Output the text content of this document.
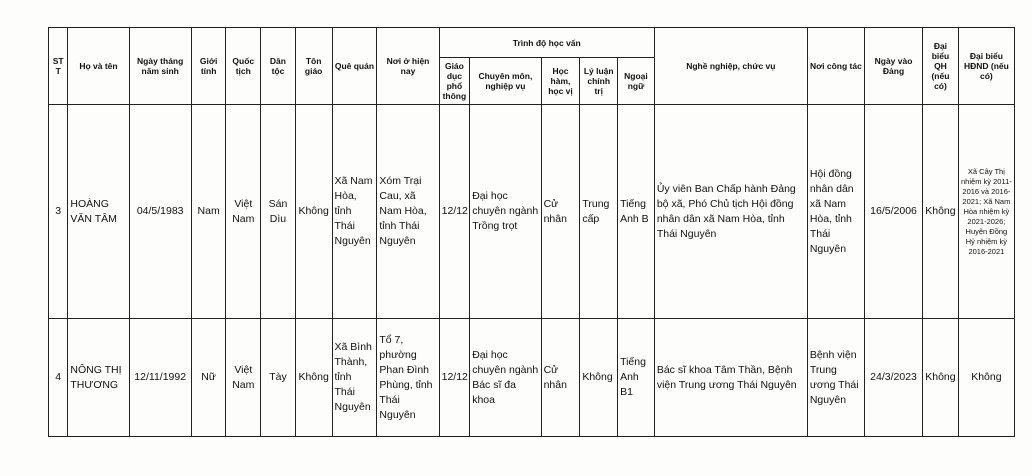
ST T	Họ và tên	Ngày tháng năm sinh	Giới tính	Quốc tịch	Dân tộc	Tôn giáo	Quê quán	Nơi ở hiện nay	Trình độ học vấn					Nghề nghiệp, chức vụ	Nơi công tác	Ngày vào Đảng	Đại biểu QH (nếu có)	Đại biểu HĐND (nếu có)
									Giáo dục phổ thông	Chuyên môn, nghiệp vụ	Học hàm, học vị	Lý luận chính trị	Ngoại ngữ					
3	HOÀNG VĂN TÂM	04/5/1983	Nam	Việt Nam	Sán Dìu	Không	Xã Nam Hòa, tỉnh Thái Nguyên	Xóm Trại Cau, xã Nam Hòa, tỉnh Thái Nguyên	12/12	Đại học chuyên ngành Trồng trọt	Cử nhân	Trung cấp	Tiếng Anh B	Ủy viên Ban Chấp hành Đảng bộ xã, Phó Chủ tịch Hội đồng nhân dân xã Nam Hòa, tỉnh Thái Nguyên	Hội đồng nhân dân xã Nam Hòa, tỉnh Thái Nguyên	16/5/2006	Không	Xã Cây Thị nhiệm kỳ 2011-2016 và 2016-2021; Xã Nam Hòa nhiệm kỳ 2021-2026; Huyện Đồng Hỷ nhiệm kỳ 2016-2021
4	NÔNG THỊ THƯƠNG	12/11/1992	Nữ	Việt Nam	Tày	Không	Xã Bình Thành, tỉnh Thái Nguyên	Tổ 7, phường Phan Đình Phùng, tỉnh Thái Nguyên	12/12	Đại học chuyên ngành Bác sĩ đa khoa	Cử nhân	Không	Tiếng Anh B1	Bác sĩ khoa Tâm Thần, Bệnh viện Trung ương Thái Nguyên	Bệnh viện Trung ương Thái Nguyên	24/3/2023	Không	Không
